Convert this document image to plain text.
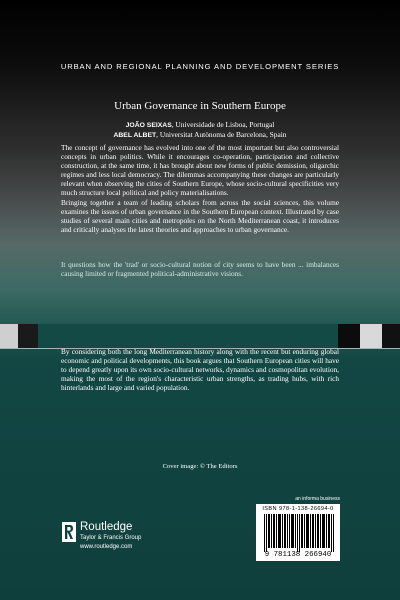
URBAN AND REGIONAL PLANNING AND DEVELOPMENT SERIES
Urban Governance in Southern Europe
JOÃO SEIXAS, Universidade de Lisboa, Portugal
ABEL ALBET, Universitat Autònoma de Barcelona, Spain

The concept of governance has evolved into one of the most important but also controversial concepts in urban politics. While it encourages co-operation, participation and collective construction, at the same time, it has brought about new forms of public demission, oligarchic regimes and less local democracy. The dilemmas accompanying these changes are particularly relevant when observing the cities of Southern Europe, whose socio-cultural specificities very much structure local political and policy materialisations.

Bringing together a team of leading scholars from across the social sciences, this volume examines the issues of urban governance in the Southern European context. Illustrated by case studies of several main cities and metropoles on the North Mediterranean coast, it introduces and critically analyses the latest theories and approaches to urban governance.

It questions how the 'trad' or socio-cultural notion of city seems to have been ... imbalances causing limited or fragmented political-administrative visions.

By considering both the long Mediterranean history along with the recent but enduring global economic and political developments, this book argues that Southern European cities will have to depend greatly upon its own socio-cultural networks, dynamics and cosmopolitan evolution, making the most of the region's characteristic urban strengths, as trading hubs, with rich hinterlands and large and varied population.

Cover image: © The Editors
Routledge
Taylor & Francis Group
www.routledge.com
an informa business
ISBN 978-1-138-26694-0
9 781138 266940
